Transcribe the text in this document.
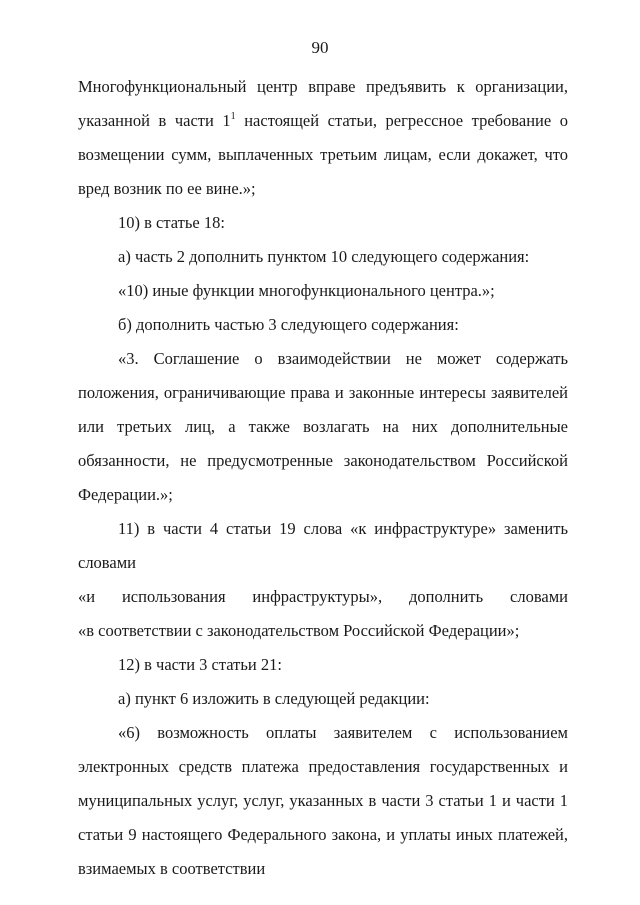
90

Многофункциональный центр вправе предъявить к организации, указанной в части $1^1$ настоящей статьи, регрессное требование о возмещении сумм, выплаченных третьим лицам, если докажет, что вред возник по ее вине.»;

10) в статье 18:

а) часть 2 дополнить пунктом 10 следующего содержания:

«10) иные функции многофункционального центра.»;

б) дополнить частью 3 следующего содержания:

«3. Соглашение о взаимодействии не может содержать положения, ограничивающие права и законные интересы заявителей или третьих лиц, а также возлагать на них дополнительные обязанности, не предусмотренные законодательством Российской Федерации.»;

11) в части 4 статьи 19 слова «к инфраструктуре» заменить словами

«и использования инфраструктуры», дополнить словами

«в соответствии с законодательством Российской Федерации»;

12) в части 3 статьи 21:

а) пункт 6 изложить в следующей редакции:

«6) возможность оплаты заявителем с использованием электронных средств платежа предоставления государственных и муниципальных услуг, услуг, указанных в части 3 статьи 1 и части 1 статьи 9 настоящего Федерального закона, и уплаты иных платежей, взимаемых в соответствии
